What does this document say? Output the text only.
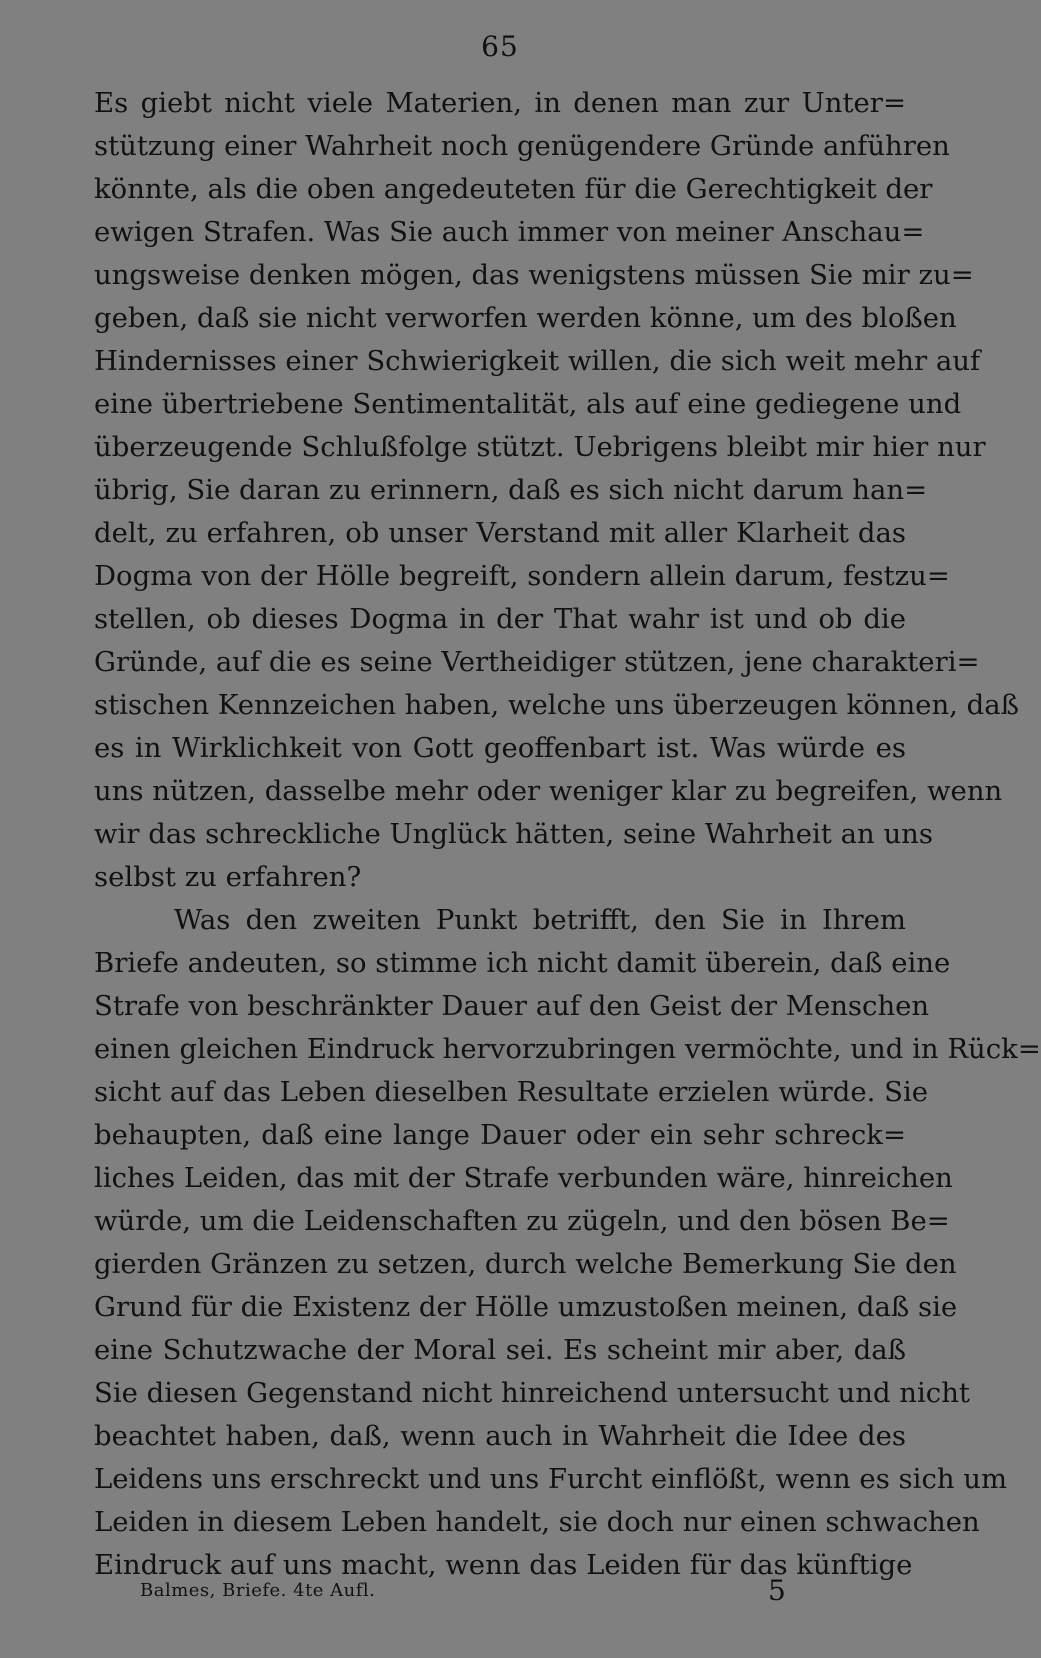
65
Es giebt nicht viele Materien, in denen man zur Unter=
stützung einer Wahrheit noch genügendere Gründe anführen
könnte, als die oben angedeuteten für die Gerechtigkeit der
ewigen Strafen. Was Sie auch immer von meiner Anschau=
ungsweise denken mögen, das wenigstens müssen Sie mir zu=
geben, daß sie nicht verworfen werden könne, um des bloßen
Hindernisses einer Schwierigkeit willen, die sich weit mehr auf
eine übertriebene Sentimentalität, als auf eine gediegene und
überzeugende Schlußfolge stützt. Uebrigens bleibt mir hier nur
übrig, Sie daran zu erinnern, daß es sich nicht darum han=
delt, zu erfahren, ob unser Verstand mit aller Klarheit das
Dogma von der Hölle begreift, sondern allein darum, festzu=
stellen, ob dieses Dogma in der That wahr ist und ob die
Gründe, auf die es seine Vertheidiger stützen, jene charakteri=
stischen Kennzeichen haben, welche uns überzeugen können, daß
es in Wirklichkeit von Gott geoffenbart ist. Was würde es
uns nützen, dasselbe mehr oder weniger klar zu begreifen, wenn
wir das schreckliche Unglück hätten, seine Wahrheit an uns
selbst zu erfahren?
Was den zweiten Punkt betrifft, den Sie in Ihrem
Briefe andeuten, so stimme ich nicht damit überein, daß eine
Strafe von beschränkter Dauer auf den Geist der Menschen
einen gleichen Eindruck hervorzubringen vermöchte, und in Rück=
sicht auf das Leben dieselben Resultate erzielen würde. Sie
behaupten, daß eine lange Dauer oder ein sehr schreck=
liches Leiden, das mit der Strafe verbunden wäre, hinreichen
würde, um die Leidenschaften zu zügeln, und den bösen Be=
gierden Gränzen zu setzen, durch welche Bemerkung Sie den
Grund für die Existenz der Hölle umzustoßen meinen, daß sie
eine Schutzwache der Moral sei. Es scheint mir aber, daß
Sie diesen Gegenstand nicht hinreichend untersucht und nicht
beachtet haben, daß, wenn auch in Wahrheit die Idee des
Leidens uns erschreckt und uns Furcht einflößt, wenn es sich um
Leiden in diesem Leben handelt, sie doch nur einen schwachen
Eindruck auf uns macht, wenn das Leiden für das künftige
Balmes, Briefe. 4te Aufl.	5
